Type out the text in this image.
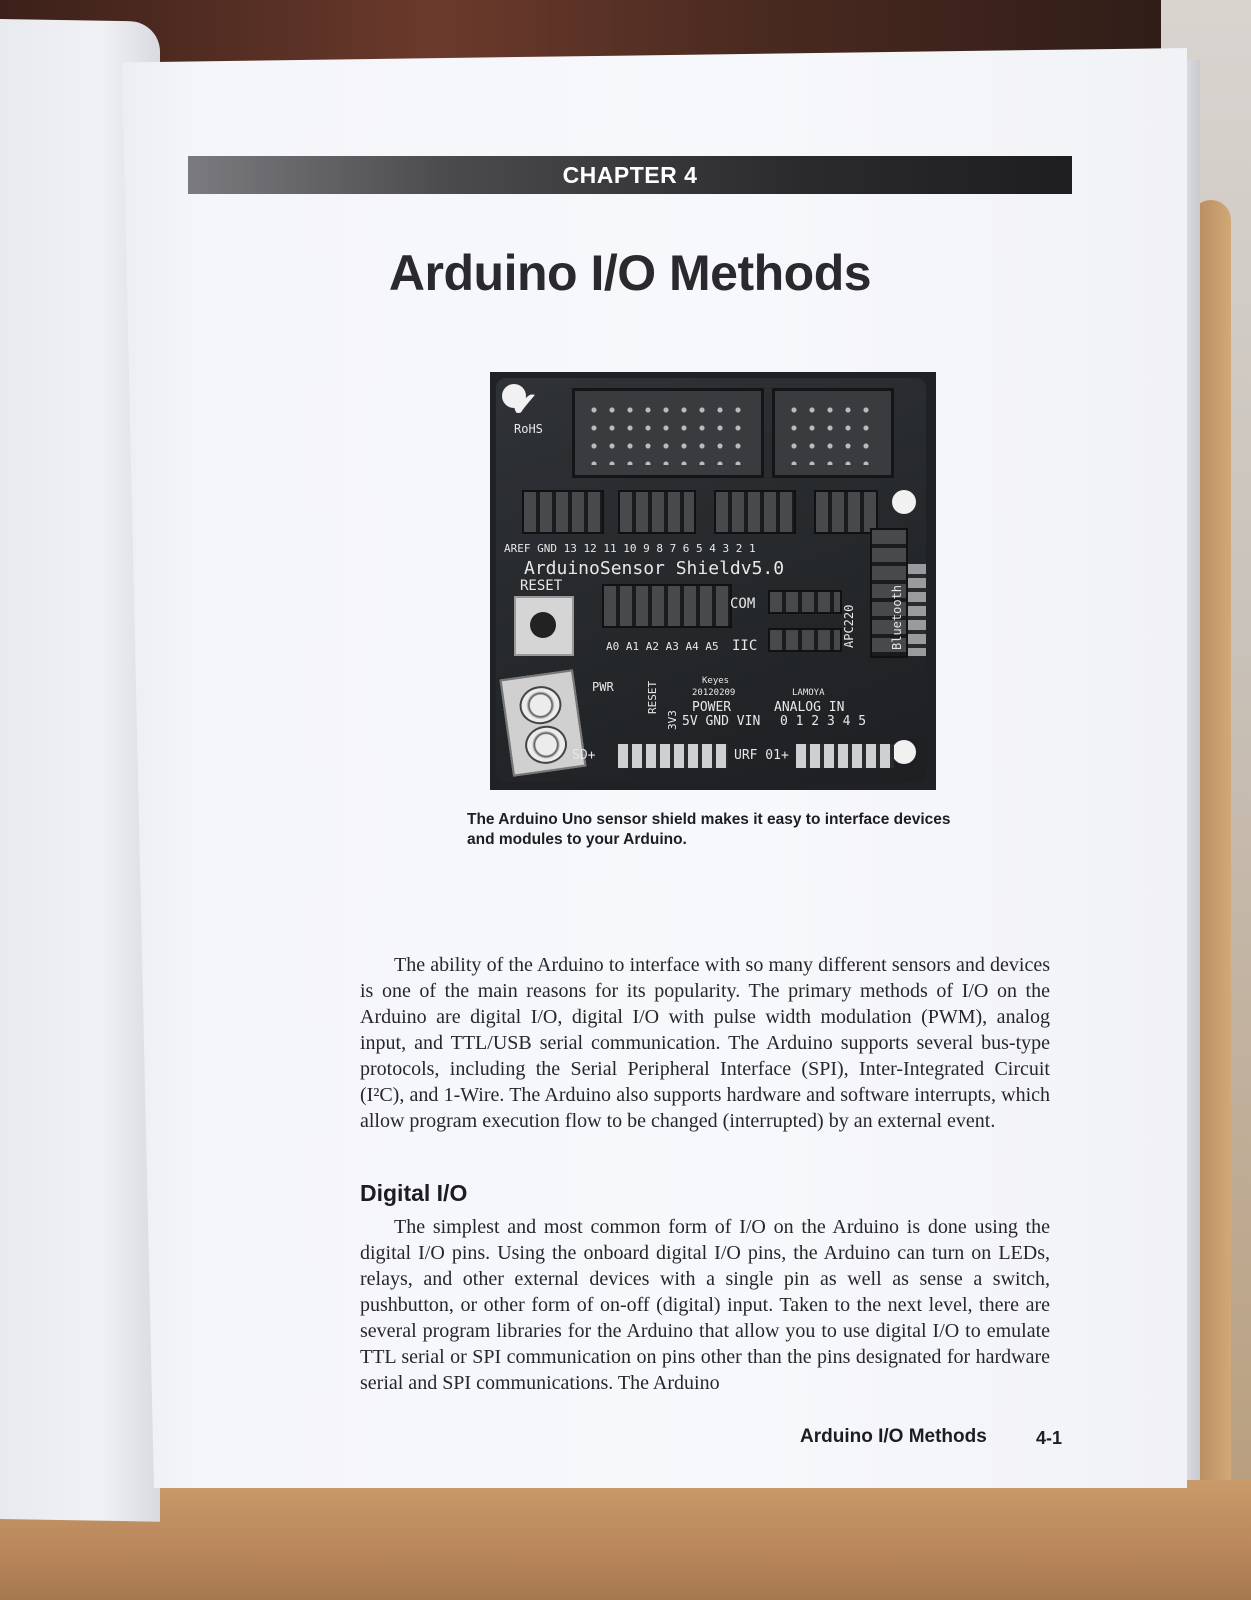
CHAPTER 4
Arduino I/O Methods
✔
RoHS
AREF GND 13 12 11 10 9 8 7 6 5 4 3 2 1
ArduinoSensor Shieldv5.0
RESET
A0 A1 A2 A3 A4 A5 IIC
COM
APC220	Bluetooth
PWR	RESET
3V3
Keyes
20120209
POWER
5V GND VIN
LAMOYA
ANALOG IN
0 1 2 3 4 5
SD+	URF 01+
The Arduino Uno sensor shield makes it easy to interface devices and modules to your Arduino.

The ability of the Arduino to interface with so many different sensors and devices is one of the main reasons for its popularity. The primary methods of I/O on the Arduino are digital I/O, digital I/O with pulse width modulation (PWM), analog input, and TTL/USB serial communication. The Arduino supports several bus-type protocols, including the Serial Peripheral Interface (SPI), Inter-Integrated Circuit (I²C), and 1-Wire. The Arduino also supports hardware and software interrupts, which allow program execution flow to be changed (interrupted) by an external event.

Digital I/O

The simplest and most common form of I/O on the Arduino is done using the digital I/O pins. Using the onboard digital I/O pins, the Arduino can turn on LEDs, relays, and other external devices with a single pin as well as sense a switch, pushbutton, or other form of on-off (digital) input. Taken to the next level, there are several program libraries for the Arduino that allow you to use digital I/O to emulate TTL serial or SPI communication on pins other than the pins designated for hardware serial and SPI communications. The Arduino

Arduino I/O Methods	4-1
